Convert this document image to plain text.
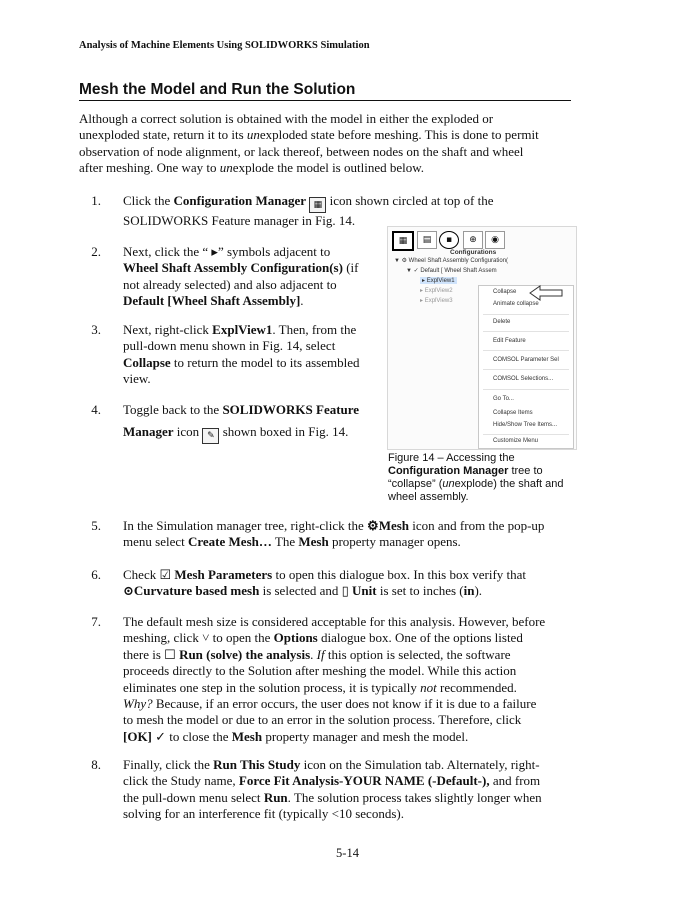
Analysis of Machine Elements Using SOLIDWORKS Simulation
Mesh the Model and Run the Solution
Although a correct solution is obtained with the model in either the exploded or
unexploded state, return it to its unexploded state before meshing. This is done to permit
observation of node alignment, or lack thereof, between nodes on the shaft and wheel
after meshing. One way to unexplode the model is outlined below.
1. Click the Configuration Manager ▦ icon shown circled at top of the
SOLIDWORKS Feature manager in Fig. 14.
2. Next, click the “ ▸” symbols adjacent to
Wheel Shaft Assembly Configuration(s) (if
not already selected) and also adjacent to
Default [Wheel Shaft Assembly].
3. Next, right-click ExplView1. Then, from the
pull-down menu shown in Fig. 14, select
Collapse to return the model to its assembled
view.
4. Toggle back to the SOLIDWORKS Feature
Manager icon ✎ shown boxed in Fig. 14.
▦	▤	▪	⊕	◉
Configurations
▼ ⚙ Wheel Shaft Assembly Configuration(
▼ ✓ Default [ Wheel Shaft Assem
▸ ExplView1
▸ ExplView2
▸ ExplView3
Collapse
Animate collapse
Delete
Edit Feature
COMSOL Parameter Sel
COMSOL Selections...
Go To...
Collapse Items
Hide/Show Tree Items...
Customize Menu
Figure 14 – Accessing the
Configuration Manager tree to
“collapse” (unexplode) the shaft and
wheel assembly.
5. In the Simulation manager tree, right-click the ⚙Mesh icon and from the pop-up
menu select Create Mesh… The Mesh property manager opens.
6. Check ☑ Mesh Parameters to open this dialogue box. In this box verify that
⊙Curvature based mesh is selected and ▯ Unit is set to inches (in).
7. The default mesh size is considered acceptable for this analysis. However, before
meshing, click ˅ to open the Options dialogue box. One of the options listed
there is ☐ Run (solve) the analysis. If this option is selected, the software
proceeds directly to the Solution after meshing the model. While this action
eliminates one step in the solution process, it is typically not recommended.
Why? Because, if an error occurs, the user does not know if it is due to a failure
to mesh the model or due to an error in the solution process. Therefore, click
[OK] ✓ to close the Mesh property manager and mesh the model.
8. Finally, click the Run This Study icon on the Simulation tab. Alternately, right-
click the Study name, Force Fit Analysis-YOUR NAME (-Default-), and from
the pull-down menu select Run. The solution process takes slightly longer when
solving for an interference fit (typically <10 seconds).
5-14
